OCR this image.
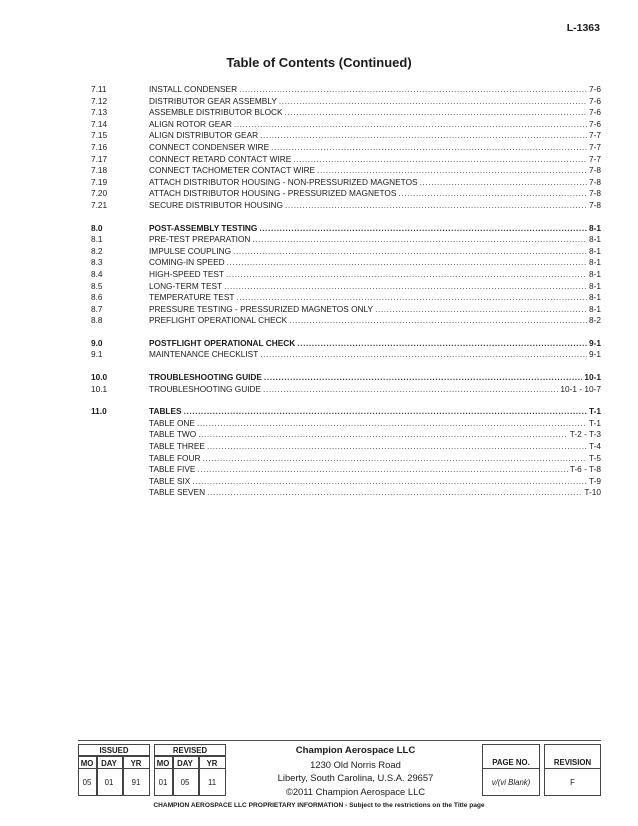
L-1363
Table of Contents (Continued)
7.11	INSTALL CONDENSER .....	7-6
7.12	DISTRIBUTOR GEAR ASSEMBLY .....	7-6
7.13	ASSEMBLE DISTRIBUTOR BLOCK .....	7-6
7.14	ALIGN ROTOR GEAR .....	7-6
7.15	ALIGN DISTRIBUTOR GEAR .....	7-7
7.16	CONNECT CONDENSER WIRE .....	7-7
7.17	CONNECT RETARD CONTACT WIRE .....	7-7
7.18	CONNECT TACHOMETER CONTACT WIRE .....	7-8
7.19	ATTACH DISTRIBUTOR HOUSING - NON-PRESSURIZED MAGNETOS .....	7-8
7.20	ATTACH DISTRIBUTOR HOUSING - PRESSURIZED MAGNETOS .....	7-8
7.21	SECURE DISTRIBUTOR HOUSING .....	7-8
8.0	POST-ASSEMBLY TESTING .....	8-1
8.1	PRE-TEST PREPARATION .....	8-1
8.2	IMPULSE COUPLING .....	8-1
8.3	COMING-IN SPEED .....	8-1
8.4	HIGH-SPEED TEST .....	8-1
8.5	LONG-TERM TEST .....	8-1
8.6	TEMPERATURE TEST .....	8-1
8.7	PRESSURE TESTING - PRESSURIZED MAGNETOS ONLY .....	8-1
8.8	PREFLIGHT OPERATIONAL CHECK .....	8-2
9.0	POSTFLIGHT OPERATIONAL CHECK .....	9-1
9.1	MAINTENANCE CHECKLIST .....	9-1
10.0	TROUBLESHOOTING GUIDE .....	10-1
10.1	TROUBLESHOOTING GUIDE .....	10-1 - 10-7
11.0	TABLES .....	T-1
TABLE ONE .....	T-1
TABLE TWO .....	T-2 - T-3
TABLE THREE .....	T-4
TABLE FOUR .....	T-5
TABLE FIVE .....	T-6 - T-8
TABLE SIX .....	T-9
TABLE SEVEN .....	T-10
ISSUED
MO	DAY	YR
05	01	91
REVISED
MO	DAY	YR
01	05	11
Champion Aerospace LLC
1230 Old Norris Road
Liberty, South Carolina, U.S.A. 29657
©2011 Champion Aerospace LLC
PAGE NO.
v/(vi Blank)
REVISION
F
CHAMPION AEROSPACE LLC PROPRIETARY INFORMATION - Subject to the restrictions on the Title page
